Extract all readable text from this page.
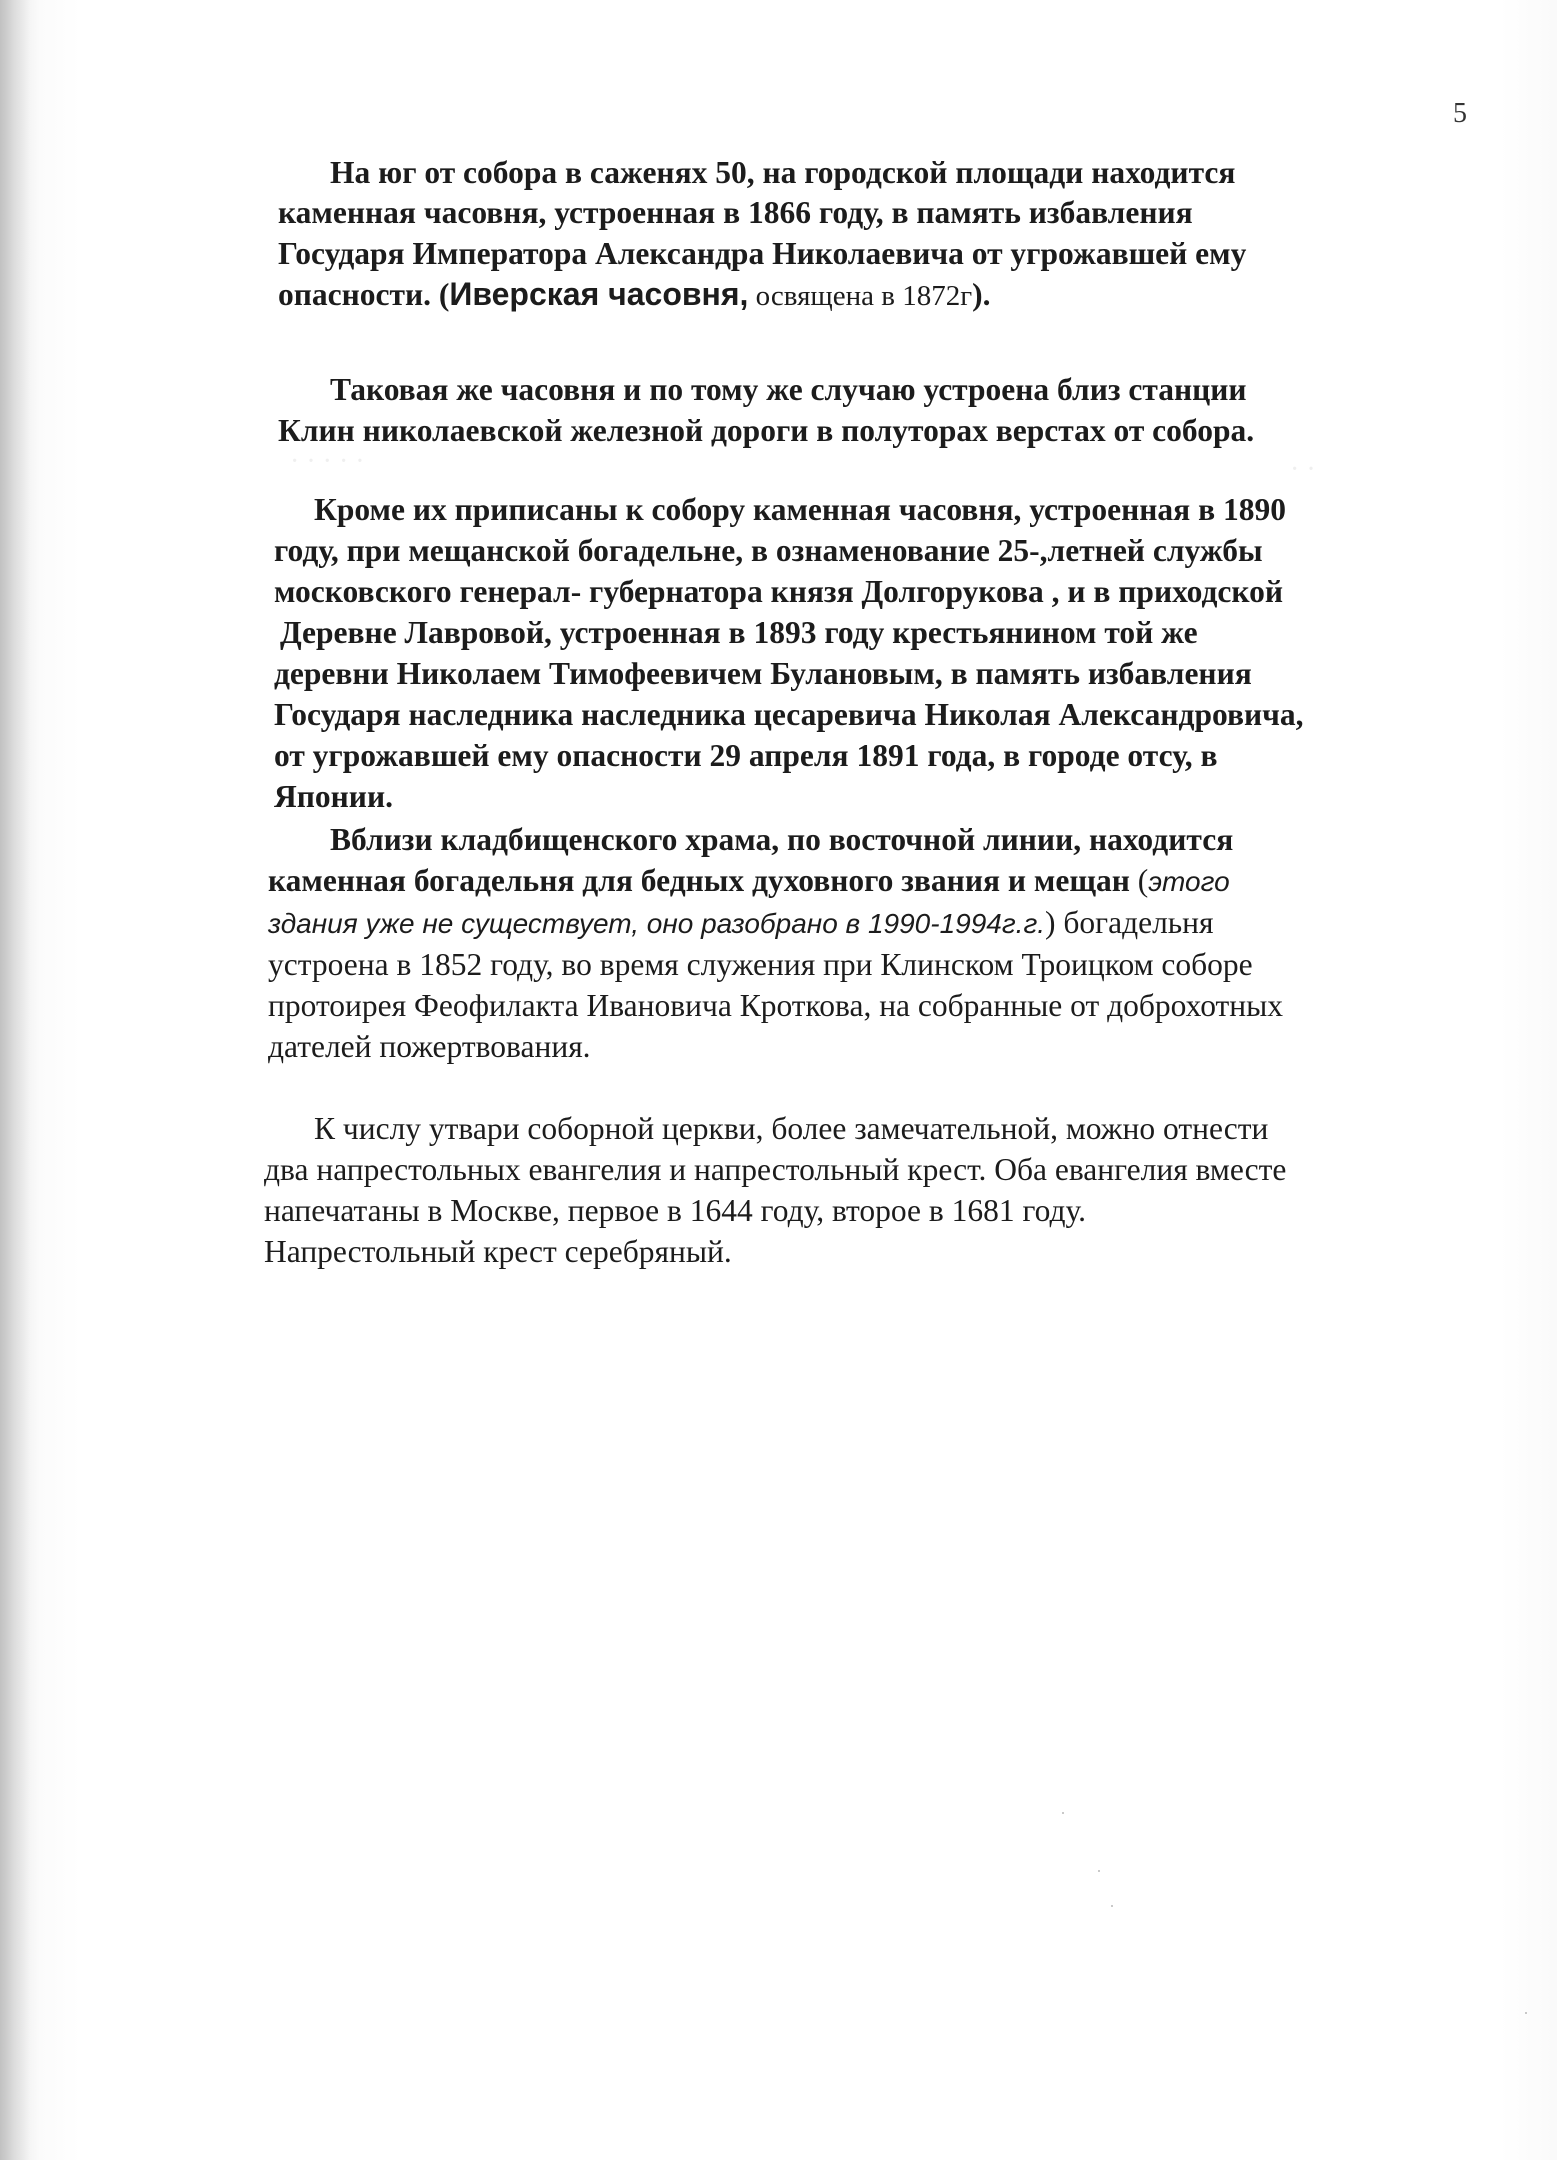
5
На юг от собора в саженях 50, на городской площади находится
каменная часовня, устроенная в 1866 году, в память избавления
Государя Императора Александра Николаевича от угрожавшей ему
опасности. (Иверская часовня, освящена в 1872г).
Таковая же часовня и по тому же случаю устроена близ станции
Клин николаевской железной дороги в полуторах верстах от собора.
· · · · ·	· ·
Кроме их приписаны к собору каменная часовня, устроенная в 1890
году, при мещанской богадельне, в ознаменование 25-,летней службы
московского генерал- губернатора князя Долгорукова , и в приходской
Деревне Лавровой, устроенная в 1893 году крестьянином той же
деревни Николаем Тимофеевичем Булановым, в память избавления
Государя наследника наследника цесаревича Николая Александровича,
от угрожавшей ему опасности 29 апреля 1891 года, в городе отсу, в
Японии.
Вблизи кладбищенского храма, по восточной линии, находится
каменная богадельня для бедных духовного звания и мещан (этого
здания уже не существует, оно разобрано в 1990-1994г.г.) богадельня
устроена в 1852 году, во время служения при Клинском Троицком соборе
протоирея Феофилакта Ивановича Кроткова, на собранные от доброхотных
дателей пожертвования.
К числу утвари соборной церкви, более замечательной, можно отнести
два напрестольных евангелия и напрестольный крест. Оба евангелия вместе
напечатаны в Москве, первое в 1644 году, второе в 1681 году.
Напрестольный крест серебряный.
